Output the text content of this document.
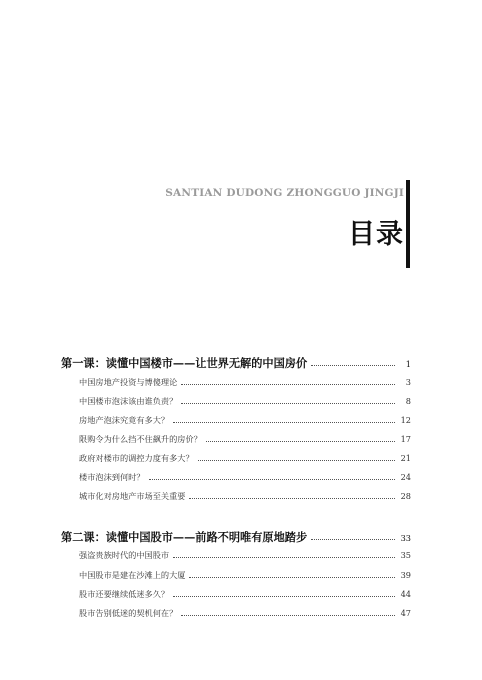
SANTIAN DUDONG ZHONGGUO JINGJI
目录
第一课：读懂中国楼市——让世界无解的中国房价	1
中国房地产投资与博傻理论	3
中国楼市泡沫该由谁负责？	8
房地产泡沫究竟有多大？	12
限购令为什么挡不住飙升的房价？	17
政府对楼市的调控力度有多大？	21
楼市泡沫到何时？	24
城市化对房地产市场至关重要	28
第二课：读懂中国股市——前路不明唯有原地踏步	33
强盗贵族时代的中国股市	35
中国股市是建在沙滩上的大厦	39
股市还要继续低迷多久？	44
股市告别低迷的契机何在？	47
